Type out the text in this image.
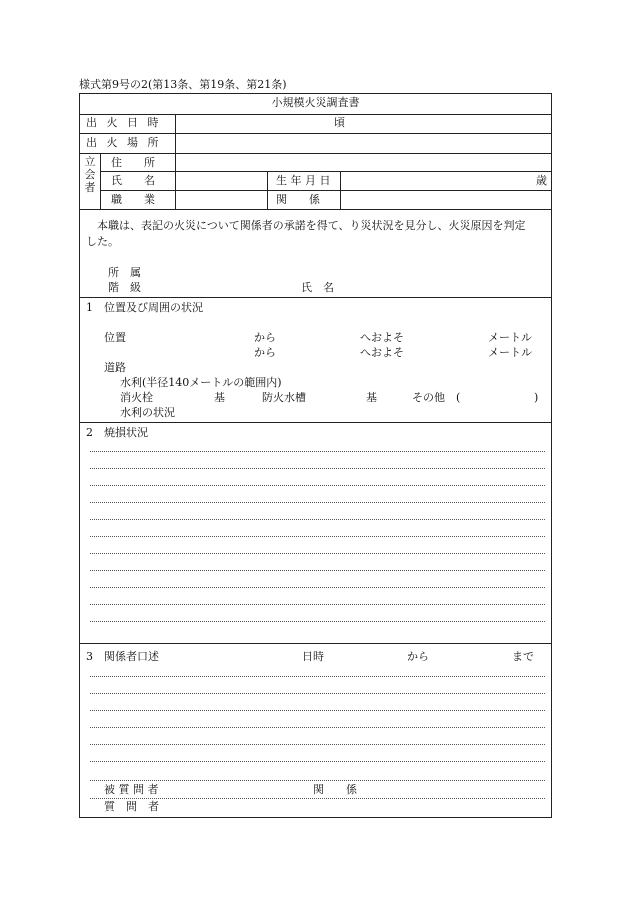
様式第9号の2(第13条、第19条、第21条)
小規模火災調査書
出 火 日 時	頃
出 火 場 所
立
会
者
住　　所
氏　　名	生 年 月 日	歳
職　　業	関　　係
本職は、表記の火災について関係者の承諾を得て、り災状況を見分し、火災原因を判定
した。
所　属
階　級	氏　名
1　位置及び周囲の状況
位置	から	へおよそ	メートル
から	へおよそ	メートル
道路
水利(半径140メートルの範囲内)
消火栓	基	防火水槽	基	その他　(	)
水利の状況
2　焼損状況
3　関係者口述	日時	から	まで
被 質 問 者	関　　係
質　問　者
